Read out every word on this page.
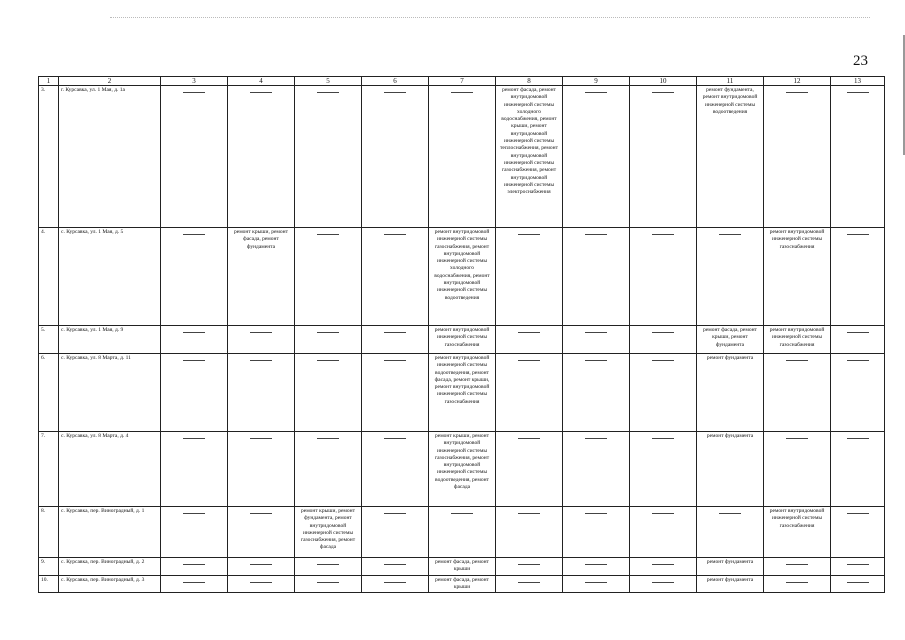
23
1	2	3	4	5	6	7	8	9	10	11	12	13
3.	г. Курсавка, ул. 1 Мая, д. 1а						ремонт фасада, ремонт внутридомовой инженерной системы холодного водоснабжения, ремонт крыши, ремонт внутридомовой инженерной системы теплоснабжения, ремонт внутридомовой инженерной системы газоснабжения, ремонт внутридомовой инженерной системы электроснабжения			ремонт фундамента, ремонт внутридомовой инженерной системы водоотведения		
4.	с. Курсавка, ул. 1 Мая, д. 5		ремонт крыши, ремонт фасада, ремонт фундамента			ремонт внутридомовой инженерной системы газоснабжения, ремонт внутридомовой инженерной системы холодного водоснабжения, ремонт внутридомовой инженерной системы водоотведения					ремонт внутридомовой инженерной системы газоснабжения	
5.	с. Курсавка, ул. 1 Мая, д. 9					ремонт внутридомовой инженерной системы газоснабжения				ремонт фасада, ремонт крыши, ремонт фундамента	ремонт внутридомовой инженерной системы газоснабжения	
6.	с. Курсавка, ул. 8 Марта, д. 11					ремонт внутридомовой инженерной системы водоотведения, ремонт фасада, ремонт крыши, ремонт внутридомовой инженерной системы газоснабжения				ремонт фундамента		
7.	с. Курсавка, ул. 8 Марта, д. 4					ремонт крыши, ремонт внутридомовой инженерной системы газоснабжения, ремонт внутридомовой инженерной системы водоотведения, ремонт фасада				ремонт фундамента		
8.	с. Курсавка, пер. Виноградный, д. 1			ремонт крыши, ремонт фундамента, ремонт внутридомовой инженерной системы газоснабжения, ремонт фасада							ремонт внутридомовой инженерной системы газоснабжения	
9.	с. Курсавка, пер. Виноградный, д. 2					ремонт фасада, ремонт крыши				ремонт фундамента		
10.	с. Курсавка, пер. Виноградный, д. 3					ремонт фасада, ремонт крыши				ремонт фундамента		
